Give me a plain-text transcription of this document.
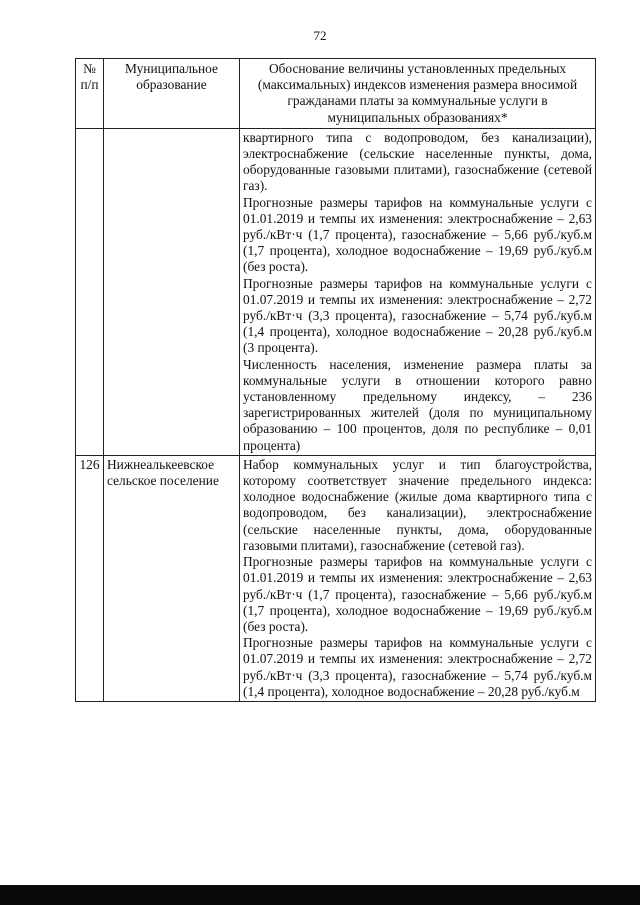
72
№ п/п	Муниципальное образование	Обоснование величины установленных предельных (максимальных) индексов изменения размера вносимой гражданами платы за коммунальные услуги в муниципальных образованиях*

		квартирного типа с водопроводом, без канализации), электроснабжение (сельские населенные пункты, дома, оборудованные газовыми плитами), газоснабжение (сетевой газ).

Прогнозные размеры тарифов на коммунальные услуги с 01.01.2019 и темпы их изменения: электроснабжение – 2,63 руб./кВт·ч (1,7 процента), газоснабжение – 5,66 руб./куб.м (1,7 процента), холодное водоснабжение – 19,69 руб./куб.м (без роста).

Прогнозные размеры тарифов на коммунальные услуги с 01.07.2019 и темпы их изменения: электроснабжение – 2,72 руб./кВт·ч (3,3 процента), газоснабжение – 5,74 руб./куб.м (1,4 процента), холодное водоснабжение – 20,28 руб./куб.м (3 процента).

Численность населения, изменение размера платы за коммунальные услуги в отношении которого равно установленному предельному индексу, – 236 зарегистрированных жителей (доля по муниципальному образованию – 100 процентов, доля по республике – 0,01 процента)

126	Нижнеалькеевское сельское поселение	Набор коммунальных услуг и тип благоустройства, которому соответствует значение предельного индекса: холодное водоснабжение (жилые дома квартирного типа с водопроводом, без канализации), электроснабжение (сельские населенные пункты, дома, оборудованные газовыми плитами), газоснабжение (сетевой газ).

Прогнозные размеры тарифов на коммунальные услуги с 01.01.2019 и темпы их изменения: электроснабжение – 2,63 руб./кВт·ч (1,7 процента), газоснабжение – 5,66 руб./куб.м (1,7 процента), холодное водоснабжение – 19,69 руб./куб.м (без роста).

Прогнозные размеры тарифов на коммунальные услуги с 01.07.2019 и темпы их изменения: электроснабжение – 2,72 руб./кВт·ч (3,3 процента), газоснабжение – 5,74 руб./куб.м (1,4 процента), холодное водоснабжение – 20,28 руб./куб.м
